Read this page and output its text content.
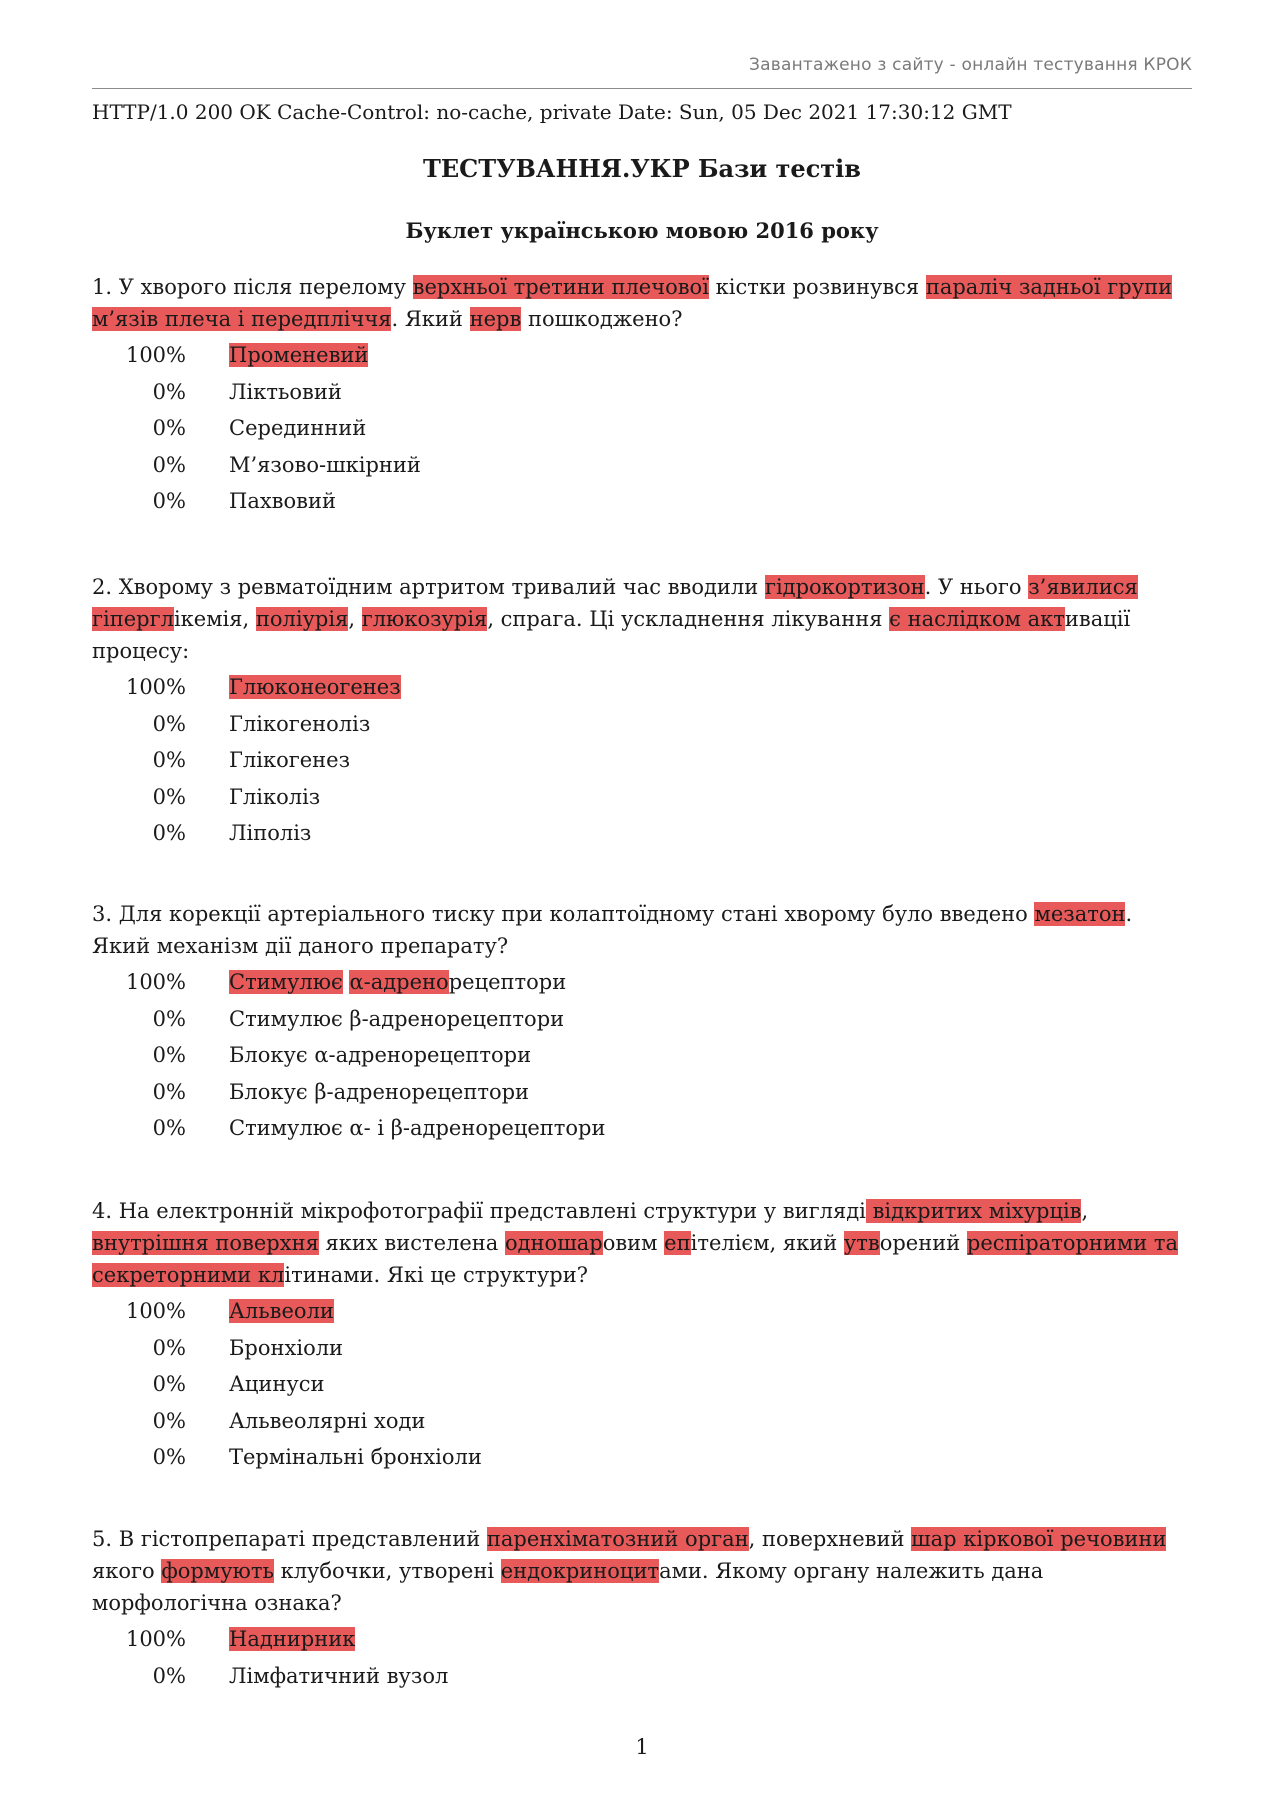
Завантажено з сайту - онлайн тестування КРОК
HTTP/1.0 200 OK Cache-Control: no-cache, private Date: Sun, 05 Dec 2021 17:30:12 GMT
ТЕСТУВАННЯ.УКР Бази тестів
Буклет українською мовою 2016 року

1. У хворого після перелому верхньої третини плечової кістки розвинувся параліч задньої групи м’язів плеча і передпліччя. Який нерв пошкоджено?

100% Променевий
0% Ліктьовий
0% Серединний
0% М’язово-шкірний
0% Пахвовий

2. Хворому з ревматоїдним артритом тривалий час вводили гідрокортизон. У нього з’явилися гіперглікемія, поліурія, глюкозурія, спрага. Ці ускладнення лікування є наслідком активації процесу:

100% Глюконеогенез
0% Глікогеноліз
0% Глікогенез
0% Гліколіз
0% Ліполіз

3. Для корекції артеріального тиску при колаптоїдному стані хворому було введено мезатон. Який механізм дії даного препарату?

100% Стимулює α-адренорецептори
0% Стимулює β-адренорецептори
0% Блокує α-адренорецептори
0% Блокує β-адренорецептори
0% Стимулює α- і β-адренорецептори

4. На електронній мікрофотографії представлені структури у вигляді відкритих міхурців, внутрішня поверхня яких вистелена одношаровим епітелієм, який утворений респіраторними та секреторними клітинами. Які це структури?

100% Альвеоли
0% Бронхіоли
0% Ацинуси
0% Альвеолярні ходи
0% Термінальні бронхіоли

5. В гістопрепараті представлений паренхіматозний орган, поверхневий шар кіркової речовини якого формують клубочки, утворені ендокриноцитами. Якому органу належить дана морфологічна ознака?

100% Наднирник
0% Лімфатичний вузол
1
